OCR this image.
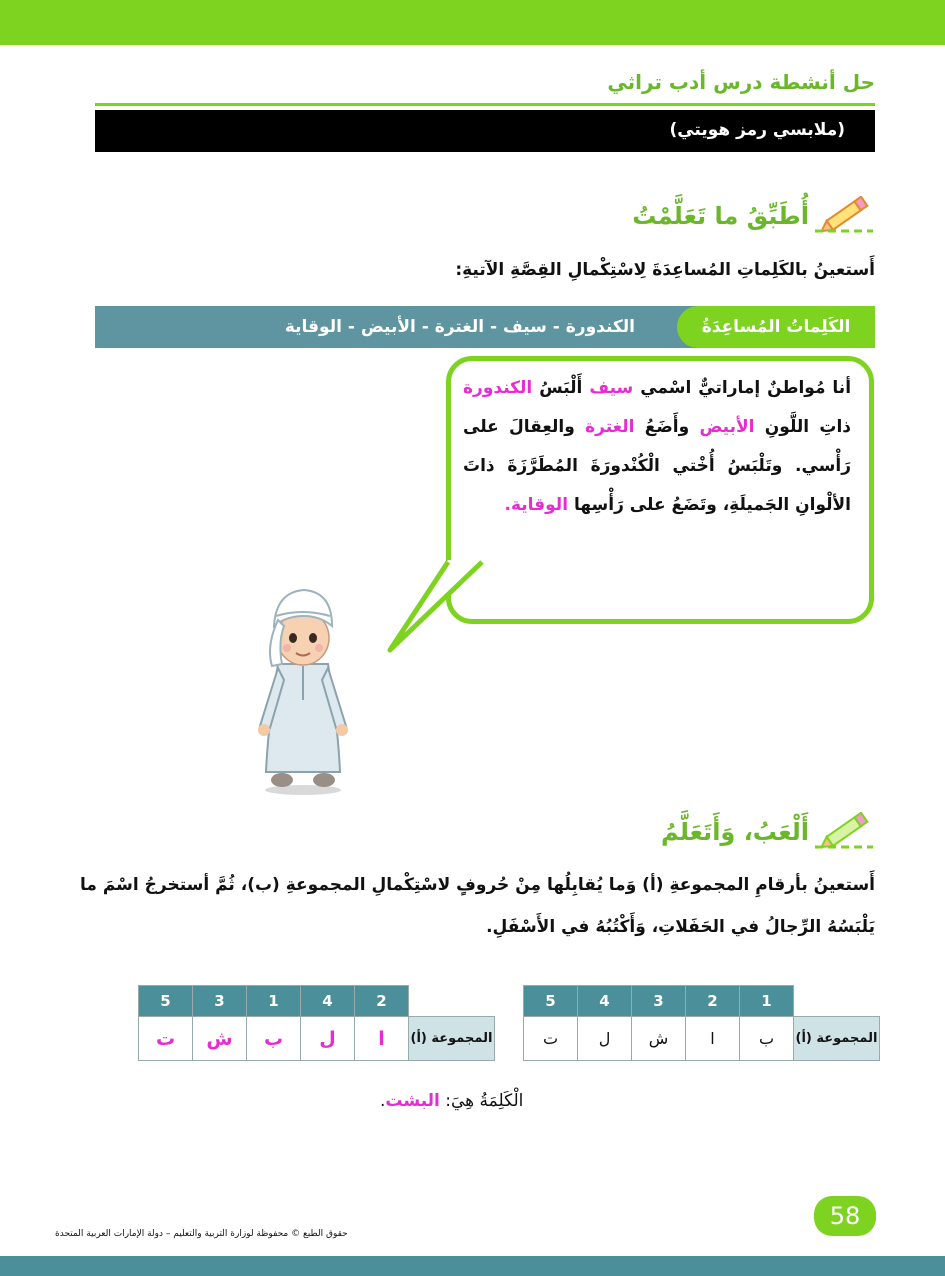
حل أنشطة درس أدب تراثي
(ملابسي رمز هويتي)
أُطَبِّقُ ما تَعَلَّمْتُ
أَستعينُ بالكَلِماتِ المُساعِدَةَ لِاسْتِكْمالِ القِصَّةِ الآتيةِ:
الكَلِماتُ المُساعِدَةُ
الكندورة - سيف - الغترة - الأبيض - الوقاية
أنا مُواطنٌ إماراتيٌّ اسْمي سيف أَلْبَسُ الكندورة ذاتِ اللَّونِ الأبيض وأَضَعُ الغترة والعِقالَ على رَأْسي. وتَلْبَسُ أُخْتي الْكُنْدورَةَ المُطَرَّزَةَ ذاتَ الألْوانِ الجَميلَةِ، وتَضَعُ على رَأْسِها الوقاية.
أَلْعَبُ، وَأَتَعَلَّمُ
أَستعينُ بأرقامِ المجموعةِ (أ) وَما يُقابِلُها مِنْ حُروفٍ لاسْتِكْمالِ المجموعةِ (ب)، ثُمَّ أستخرجُ اسْمَ ما يَلْبَسُهُ الرِّجالُ في الحَفَلاتِ، وَأَكْتُبُهُ في الأَسْفَلِ.
	2	4	1	3	5
المجموعة (أ)	ا	ل	ب	ش	ت
	1	2	3	4	5
المجموعة (أ)	ب	ا	ش	ل	ت
الْكَلِمَةُ هِيَ: البشت.
حقوق الطبع © محفوظة لوزارة التربية والتعليم – دولة الإمارات العربية المتحدة
58
